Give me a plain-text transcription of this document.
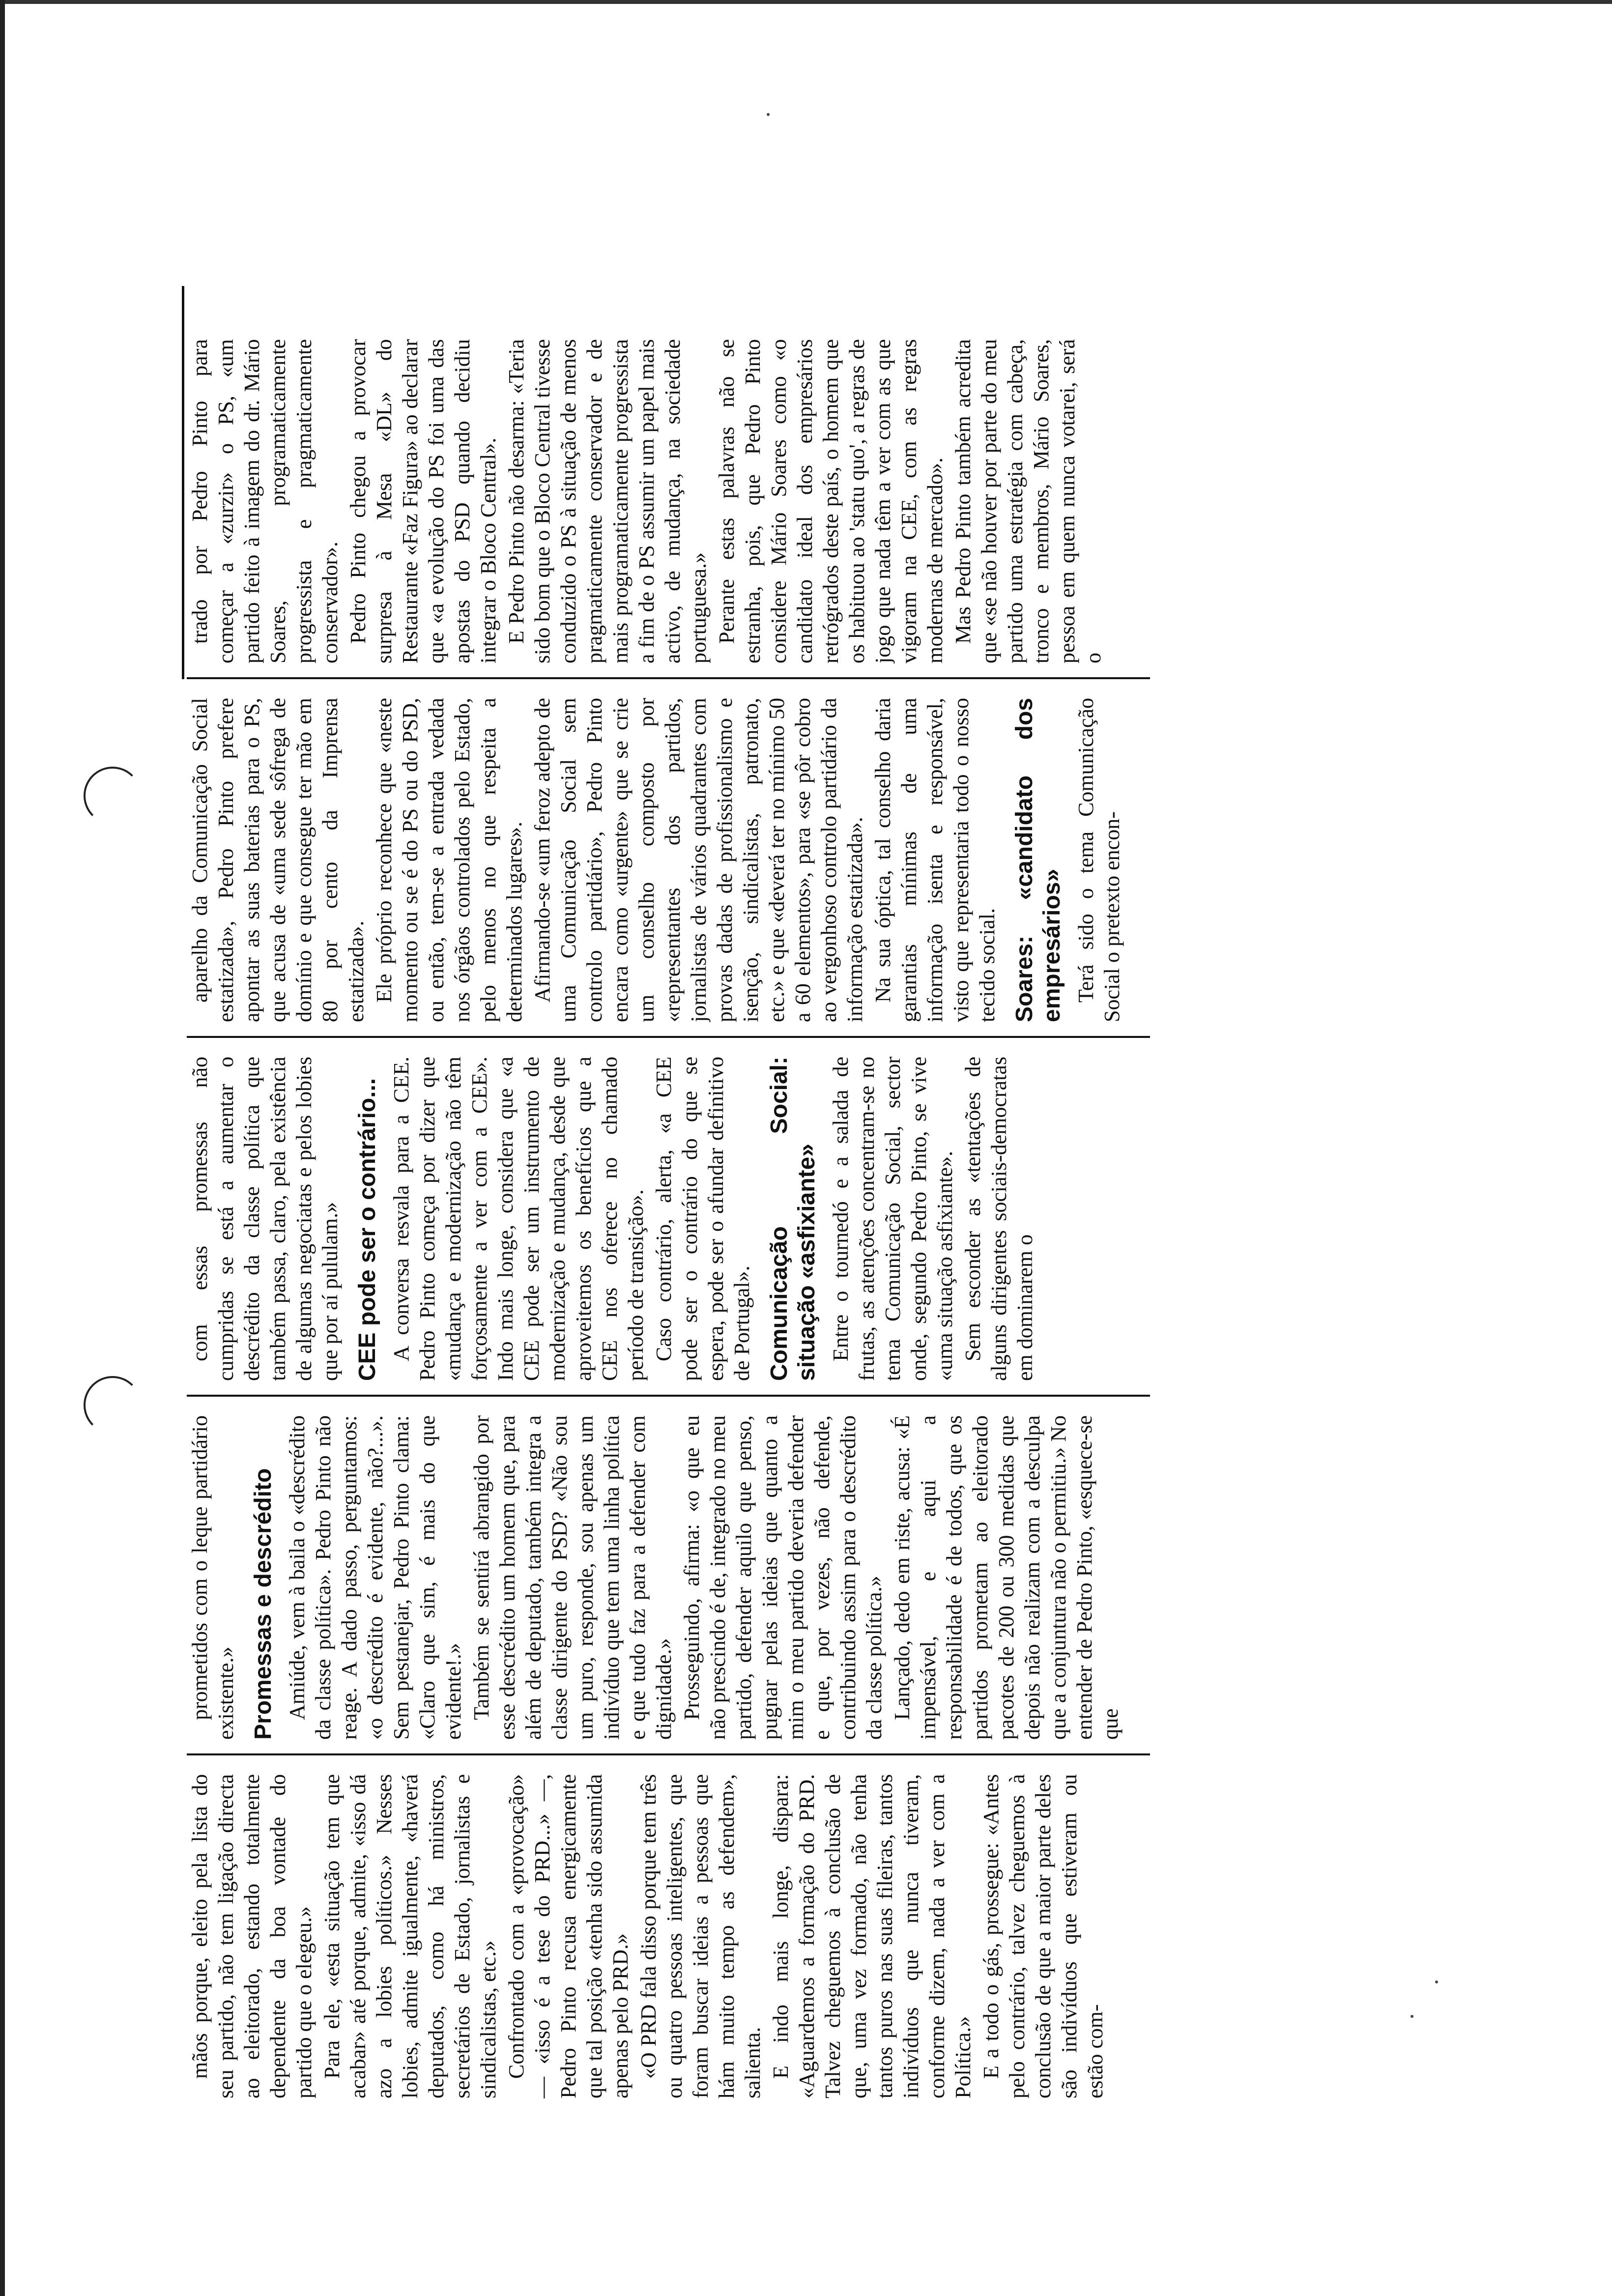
mãos porque, eleito pela lista do seu partido, não tem ligação directa ao eleitorado, estando totalmente dependente da boa vontade do partido que o elegeu.» Para ele, «esta situação tem que acabar» até porque, admite, «isso dá azo a lobies políticos.» Nesses lobies, admite igualmente, «haverá deputados, como há ministros, secretários de Estado, jornalistas e sindicalistas, etc.» Confrontado com a «provocação» — «isso é a tese do PRD...» —, Pedro Pinto recusa energicamente que tal posição «tenha sido assumida apenas pelo PRD.» «O PRD fala disso porque tem três ou quatro pessoas inteligentes, que foram buscar ideias a pessoas que hám muito tempo as defendem», salienta. E indo mais longe, dispara: «Aguardemos a formação do PRD. Talvez cheguemos à conclusão de que, uma vez formado, não tenha tantos puros nas suas fileiras, tantos indivíduos que nunca tiveram, conforme dizem, nada a ver com a Política.» E a todo o gás, prossegue: «Antes pelo contrário, talvez cheguemos à conclusão de que a maior parte deles são indivíduos que estiveram ou estão com-

prometidos com o leque partidário existente.» Promessas e descrédito Amiúde, vem à baila o «descrédito da classe política». Pedro Pinto não reage. A dado passo, perguntamos: «o descrédito é evidente, não?...». Sem pestanejar, Pedro Pinto clama: «Claro que sim, é mais do que evidente!.» Também se sentirá abrangido por esse descrédito um homem que, para além de deputado, também integra a classe dirigente do PSD? «Não sou um puro, responde, sou apenas um indivíduo que tem uma linha política e que tudo faz para a defender com dignidade.» Prosseguindo, afirma: «o que eu não prescindo é de, integrado no meu partido, defender aquilo que penso, pugnar pelas ideias que quanto a mim o meu partido deveria defender e que, por vezes, não defende, contribuindo assim para o descrédito da classe política.» Lançado, dedo em riste, acusa: «É impensável, e aqui a responsabilidade é de todos, que os partidos prometam ao eleitorado pacotes de 200 ou 300 medidas que depois não realizam com a desculpa que a conjuntura não o permitiu.» No entender de Pedro Pinto, «esquece-se que

com essas promessas não cumpridas se está a aumentar o descrédito da classe política que também passa, claro, pela existência de algumas negociatas e pelos lobies que por aí pululam.» CEE pode ser o contrário... A conversa resvala para a CEE. Pedro Pinto começa por dizer que «mudança e modernização não têm forçosamente a ver com a CEE». Indo mais longe, considera que «a CEE pode ser um instrumento de modernização e mudança, desde que aproveitemos os benefícios que a CEE nos oferece no chamado período de transição». Caso contrário, alerta, «a CEE pode ser o contrário do que se espera, pode ser o afundar definitivo de Portugal». Comunicação Social: situação «asfixiante» Entre o tournedó e a salada de frutas, as atenções concentram-se no tema Comunicação Social, sector onde, segundo Pedro Pinto, se vive «uma situação asfixiante». Sem esconder as «tentações de alguns dirigentes sociais-democratas em dominarem o

aparelho da Comunicação Social estatizada», Pedro Pinto prefere apontar as suas baterias para o PS, que acusa de «uma sede sôfrega de domínio e que consegue ter mão em 80 por cento da Imprensa estatizada». Ele próprio reconhece que «neste momento ou se é do PS ou do PSD, ou então, tem-se a entrada vedada nos órgãos controlados pelo Estado, pelo menos no que respeita a determinados lugares». Afirmando-se «um feroz adepto de uma Comunicação Social sem controlo partidário», Pedro Pinto encara como «urgente» que se crie um conselho composto por «representantes dos partidos, jornalistas de vários quadrantes com provas dadas de profissionalismo e isenção, sindicalistas, patronato, etc.» e que «deverá ter no mínimo 50 a 60 elementos», para «se pôr cobro ao vergonhoso controlo partidário da informação estatizada». Na sua óptica, tal conselho daria garantias mínimas de uma informação isenta e responsável, visto que representaria todo o nosso tecido social. Soares: «candidato dos empresários» Terá sido o tema Comunicação Social o pretexto encon-

trado por Pedro Pinto para começar a «zurzir» o PS, «um partido feito à imagem do dr. Mário Soares, programaticamente progressista e pragmaticamente conservador». Pedro Pinto chegou a provocar surpresa à Mesa «DL» do Restaurante «Faz Figura» ao declarar que «a evolução do PS foi uma das apostas do PSD quando decidiu integrar o Bloco Central». E Pedro Pinto não desarma: «Teria sido bom que o Bloco Central tivesse conduzido o PS à situação de menos pragmaticamente conservador e de mais programaticamente progressista a fim de o PS assumir um papel mais activo, de mudança, na sociedade portuguesa.» Perante estas palavras não se estranha, pois, que Pedro Pinto considere Mário Soares como «o candidato ideal dos empresários retrógrados deste país, o homem que os habituou ao 'statu quo', a regras de jogo que nada têm a ver com as que vigoram na CEE, com as regras modernas de mercado». Mas Pedro Pinto também acredita que «se não houver por parte do meu partido uma estratégia com cabeça, tronco e membros, Mário Soares, pessoa em quem nunca votarei, será o
